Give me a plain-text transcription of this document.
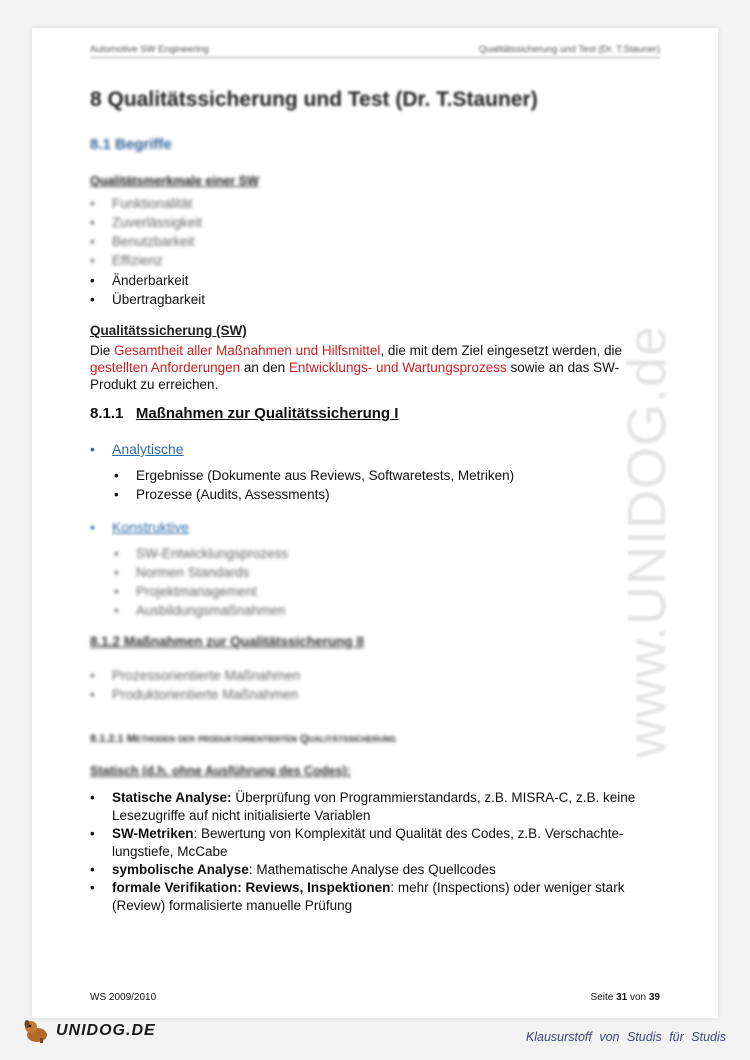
Automotive SW Engineering	Qualitätssicherung und Test (Dr. T.Stauner)
8 Qualitätssicherung und Test (Dr. T.Stauner)
8.1 Begriffe
Qualitätsmerkmale einer SW
• Funktionalität
• Zuverlässigkeit
• Benutzbarkeit
• Effizienz
• Änderbarkeit
• Übertragbarkeit
Qualitätssicherung (SW)
Die Gesamtheit aller Maßnahmen und Hilfsmittel, die mit dem Ziel eingesetzt werden, die gestellten Anforderungen an den Entwicklungs- und Wartungsprozess sowie an das SW-Produkt zu erreichen.
8.1.1 Maßnahmen zur Qualitätssicherung I
• Analytische
• Ergebnisse (Dokumente aus Reviews, Softwaretests, Metriken)
• Prozesse (Audits, Assessments)
• Konstruktive
• SW-Entwicklungsprozess
• Normen Standards
• Projektmanagement
• Ausbildungsmaßnahmen
8.1.2 Maßnahmen zur Qualitätssicherung II
• Prozessorientierte Maßnahmen
• Produktorientierte Maßnahmen
8.1.2.1 Methoden der produktorientierten Qualitätssicherung
Statisch (d.h. ohne Ausführung des Codes):
• Statische Analyse: Überprüfung von Programmierstandards, z.B. MISRA-C, z.B. keine Lesezugriffe auf nicht initialisierte Variablen
• SW-Metriken: Bewertung von Komplexität und Qualität des Codes, z.B. Verschachte-lungstiefe, McCabe
• symbolische Analyse: Mathematische Analyse des Quellcodes
• formale Verifikation: Reviews, Inspektionen: mehr (Inspections) oder weniger stark (Review) formalisierte manuelle Prüfung
www.UNIDOG.de
WS 2009/2010	Seite 31 von 39
UNIDOG.DE	Klausurstoff von Studis für Studis
